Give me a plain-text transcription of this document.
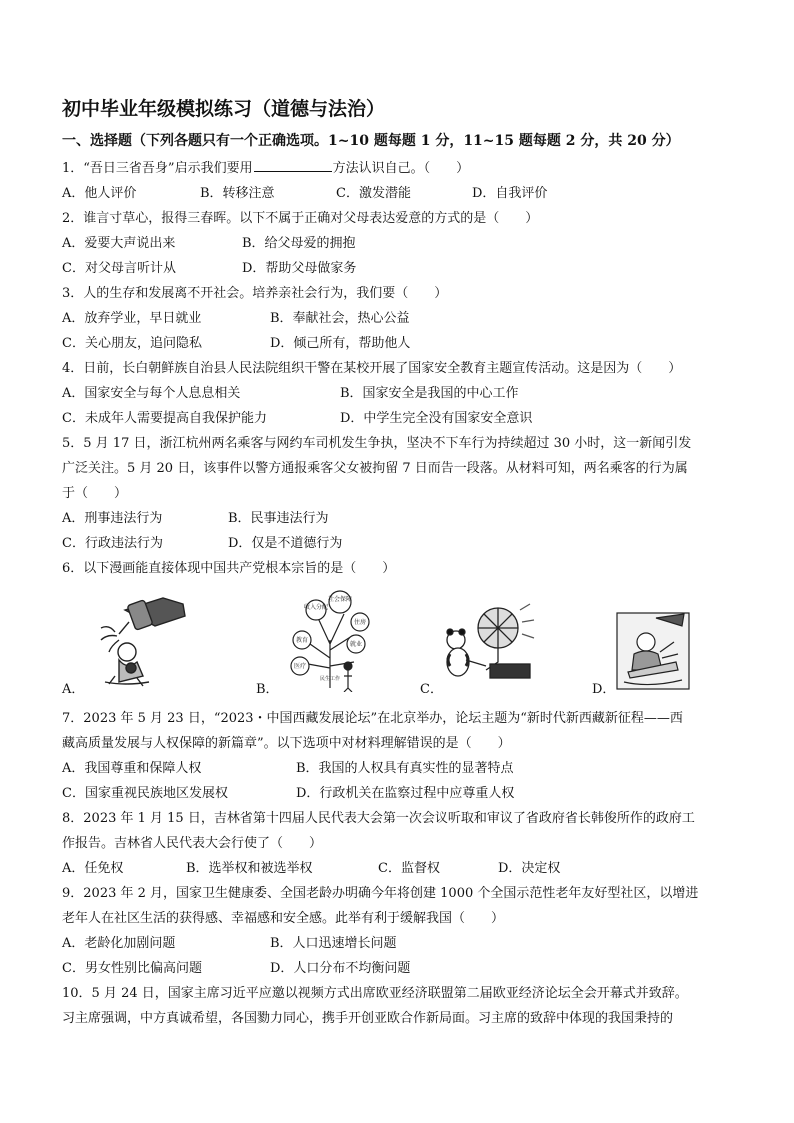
初中毕业年级模拟练习（道德与法治）
一、选择题（下列各题只有一个正确选项。1~10 题每题 1 分，11~15 题每题 2 分，共 20 分）
1．“吾日三省吾身”启示我们要用	方法认识自己。（　　）
A．他人评价	B．转移注意	C．激发潜能	D．自我评价
2．谁言寸草心，报得三春晖。以下不属于正确对父母表达爱意的方式的是（　　）
A．爱要大声说出来	B．给父母爱的拥抱
C．对父母言听计从	D．帮助父母做家务
3．人的生存和发展离不开社会。培养亲社会行为，我们要（　　）
A．放弃学业，早日就业	B．奉献社会，热心公益
C．关心朋友，追问隐私	D．倾己所有，帮助他人
4．日前，长白朝鲜族自治县人民法院组织干警在某校开展了国家安全教育主题宣传活动。这是因为（　　）
A．国家安全与每个人息息相关	B．国家安全是我国的中心工作
C．未成年人需要提高自我保护能力	D．中学生完全没有国家安全意识
5．5 月 17 日，浙江杭州两名乘客与网约车司机发生争执，坚决不下车行为持续超过 30 小时，这一新闻引发
广泛关注。5 月 20 日，该事件以警方通报乘客父女被拘留 7 日而告一段落。从材料可知，两名乘客的行为属
于（　　）
A．刑事违法行为	B．民事违法行为
C．行政违法行为	D．仅是不道德行为
6．以下漫画能直接体现中国共产党根本宗旨的是（　　）
A．
社会保障
收入分配
住房
教育
就业
医疗
民生工作
B．	C．	D．
7．2023 年 5 月 23 日，“2023・中国西藏发展论坛”在北京举办，论坛主题为“新时代新西藏新征程——西
藏高质量发展与人权保障的新篇章”。以下选项中对材料理解错误的是（　　）
A．我国尊重和保障人权	B．我国的人权具有真实性的显著特点
C．国家重视民族地区发展权	D．行政机关在监察过程中应尊重人权
8．2023 年 1 月 15 日，吉林省第十四届人民代表大会第一次会议听取和审议了省政府省长韩俊所作的政府工
作报告。吉林省人民代表大会行使了（　　）
A．任免权	B．选举权和被选举权	C．监督权	D．决定权
9．2023 年 2 月，国家卫生健康委、全国老龄办明确今年将创建 1000 个全国示范性老年友好型社区，以增进
老年人在社区生活的获得感、幸福感和安全感。此举有利于缓解我国（　　）
A．老龄化加剧问题	B．人口迅速增长问题
C．男女性别比偏高问题	D．人口分布不均衡问题
10．5 月 24 日，国家主席习近平应邀以视频方式出席欧亚经济联盟第二届欧亚经济论坛全会开幕式并致辞。
习主席强调，中方真诚希望，各国勠力同心，携手开创亚欧合作新局面。习主席的致辞中体现的我国秉持的
